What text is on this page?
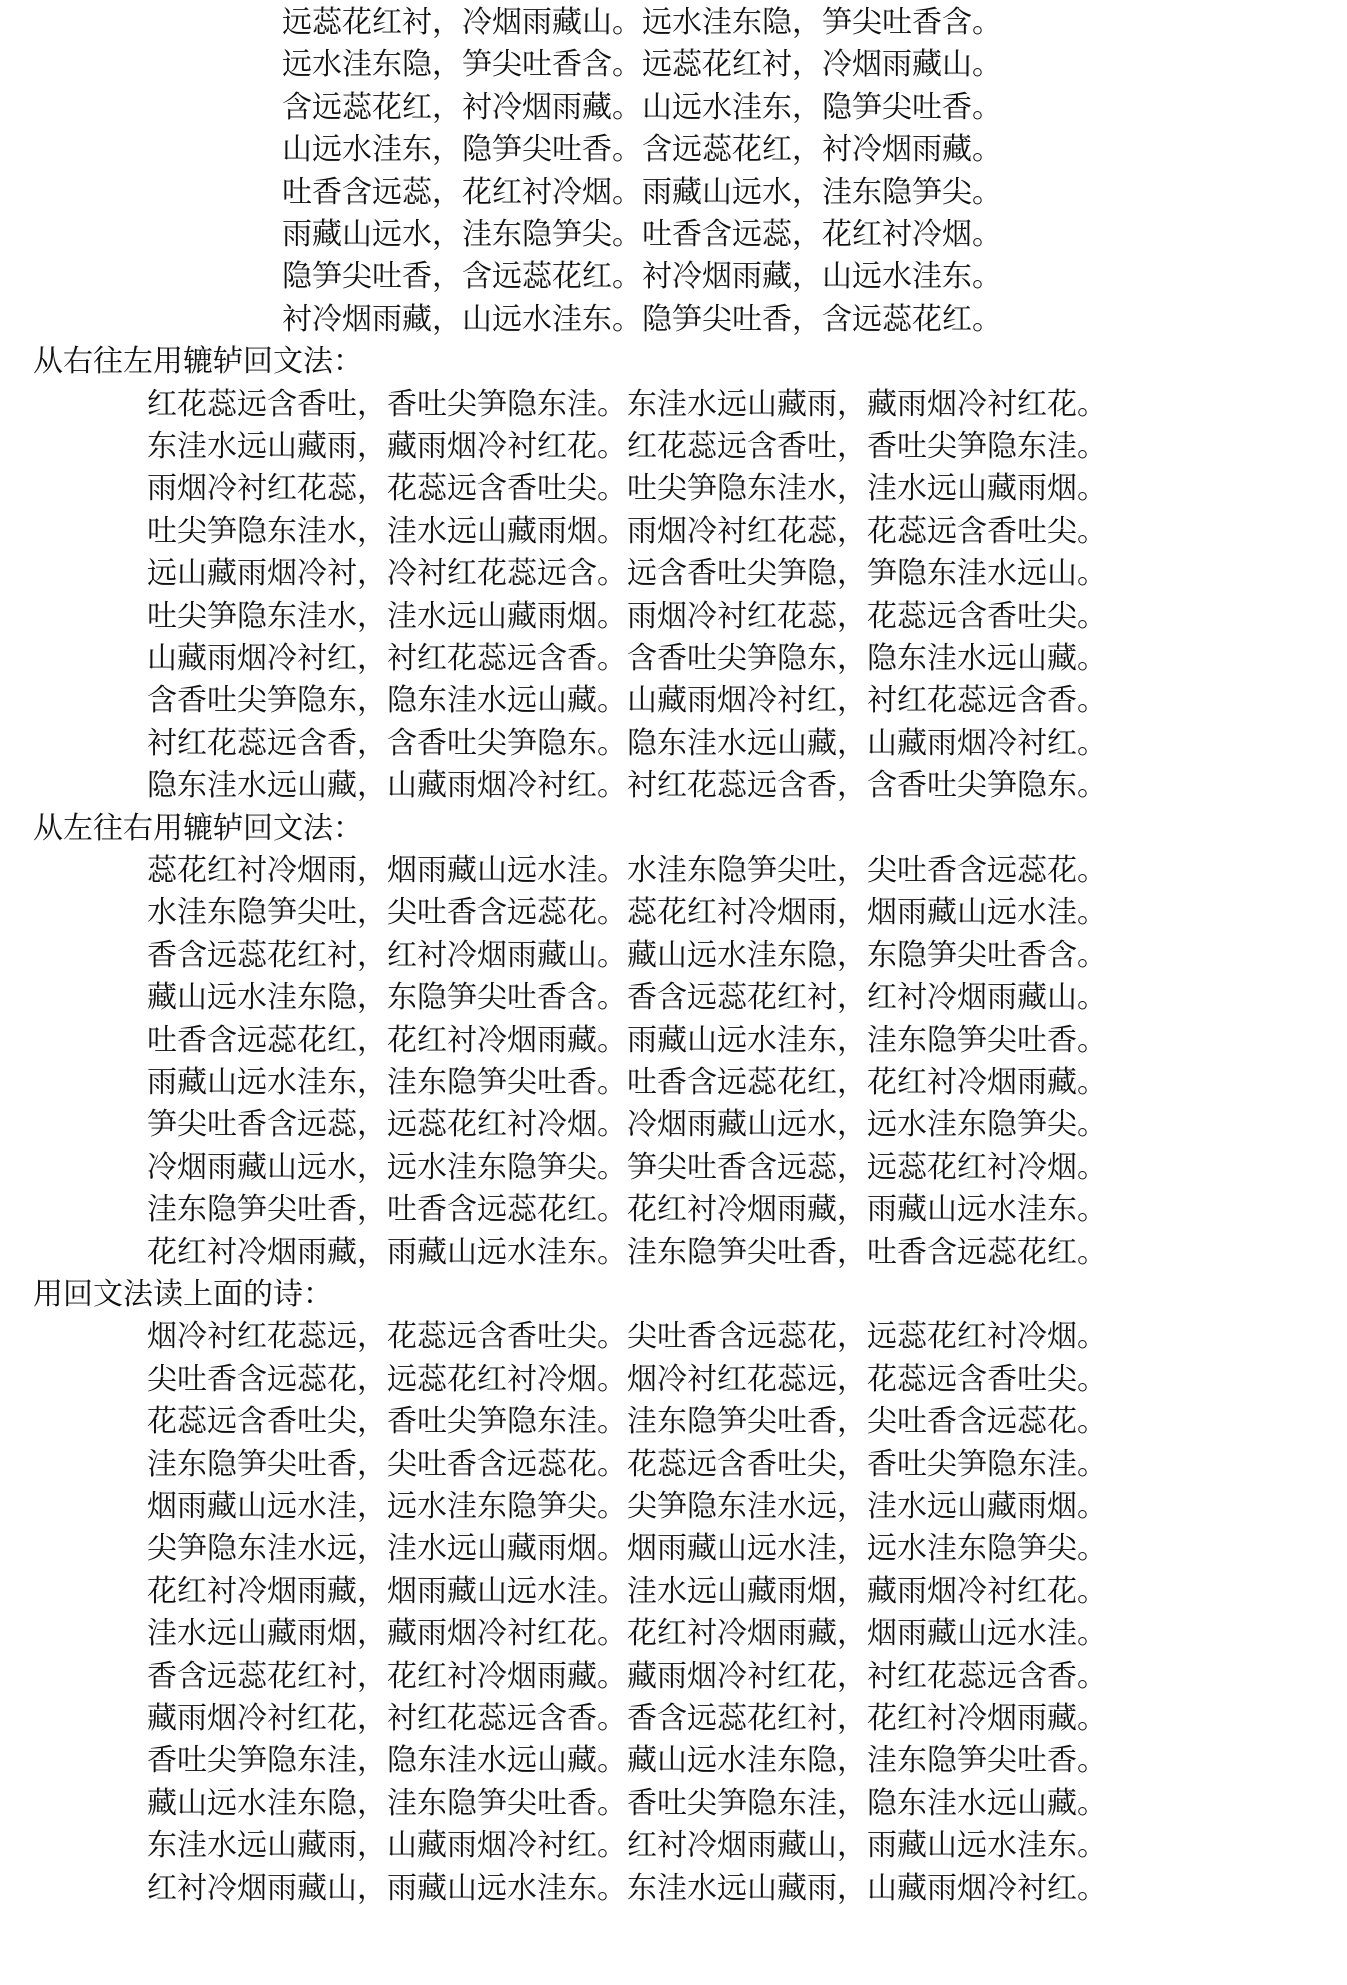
远蕊花红衬，冷烟雨藏山。远水洼东隐，笋尖吐香含。
远水洼东隐，笋尖吐香含。远蕊花红衬，冷烟雨藏山。
含远蕊花红，衬冷烟雨藏。山远水洼东，隐笋尖吐香。
山远水洼东，隐笋尖吐香。含远蕊花红，衬冷烟雨藏。
吐香含远蕊，花红衬冷烟。雨藏山远水，洼东隐笋尖。
雨藏山远水，洼东隐笋尖。吐香含远蕊，花红衬冷烟。
隐笋尖吐香，含远蕊花红。衬冷烟雨藏，山远水洼东。
衬冷烟雨藏，山远水洼东。隐笋尖吐香，含远蕊花红。
从右往左用辘轳回文法：
红花蕊远含香吐，香吐尖笋隐东洼。东洼水远山藏雨，藏雨烟冷衬红花。
东洼水远山藏雨，藏雨烟冷衬红花。红花蕊远含香吐，香吐尖笋隐东洼。
雨烟冷衬红花蕊，花蕊远含香吐尖。吐尖笋隐东洼水，洼水远山藏雨烟。
吐尖笋隐东洼水，洼水远山藏雨烟。雨烟冷衬红花蕊，花蕊远含香吐尖。
远山藏雨烟冷衬，冷衬红花蕊远含。远含香吐尖笋隐，笋隐东洼水远山。
吐尖笋隐东洼水，洼水远山藏雨烟。雨烟冷衬红花蕊，花蕊远含香吐尖。
山藏雨烟冷衬红，衬红花蕊远含香。含香吐尖笋隐东，隐东洼水远山藏。
含香吐尖笋隐东，隐东洼水远山藏。山藏雨烟冷衬红，衬红花蕊远含香。
衬红花蕊远含香，含香吐尖笋隐东。隐东洼水远山藏，山藏雨烟冷衬红。
隐东洼水远山藏，山藏雨烟冷衬红。衬红花蕊远含香，含香吐尖笋隐东。
从左往右用辘轳回文法：
蕊花红衬冷烟雨，烟雨藏山远水洼。水洼东隐笋尖吐，尖吐香含远蕊花。
水洼东隐笋尖吐，尖吐香含远蕊花。蕊花红衬冷烟雨，烟雨藏山远水洼。
香含远蕊花红衬，红衬冷烟雨藏山。藏山远水洼东隐，东隐笋尖吐香含。
藏山远水洼东隐，东隐笋尖吐香含。香含远蕊花红衬，红衬冷烟雨藏山。
吐香含远蕊花红，花红衬冷烟雨藏。雨藏山远水洼东，洼东隐笋尖吐香。
雨藏山远水洼东，洼东隐笋尖吐香。吐香含远蕊花红，花红衬冷烟雨藏。
笋尖吐香含远蕊，远蕊花红衬冷烟。冷烟雨藏山远水，远水洼东隐笋尖。
冷烟雨藏山远水，远水洼东隐笋尖。笋尖吐香含远蕊，远蕊花红衬冷烟。
洼东隐笋尖吐香，吐香含远蕊花红。花红衬冷烟雨藏，雨藏山远水洼东。
花红衬冷烟雨藏，雨藏山远水洼东。洼东隐笋尖吐香，吐香含远蕊花红。
用回文法读上面的诗：
烟冷衬红花蕊远，花蕊远含香吐尖。尖吐香含远蕊花，远蕊花红衬冷烟。
尖吐香含远蕊花，远蕊花红衬冷烟。烟冷衬红花蕊远，花蕊远含香吐尖。
花蕊远含香吐尖，香吐尖笋隐东洼。洼东隐笋尖吐香，尖吐香含远蕊花。
洼东隐笋尖吐香，尖吐香含远蕊花。花蕊远含香吐尖，香吐尖笋隐东洼。
烟雨藏山远水洼，远水洼东隐笋尖。尖笋隐东洼水远，洼水远山藏雨烟。
尖笋隐东洼水远，洼水远山藏雨烟。烟雨藏山远水洼，远水洼东隐笋尖。
花红衬冷烟雨藏，烟雨藏山远水洼。洼水远山藏雨烟，藏雨烟冷衬红花。
洼水远山藏雨烟，藏雨烟冷衬红花。花红衬冷烟雨藏，烟雨藏山远水洼。
香含远蕊花红衬，花红衬冷烟雨藏。藏雨烟冷衬红花，衬红花蕊远含香。
藏雨烟冷衬红花，衬红花蕊远含香。香含远蕊花红衬，花红衬冷烟雨藏。
香吐尖笋隐东洼，隐东洼水远山藏。藏山远水洼东隐，洼东隐笋尖吐香。
藏山远水洼东隐，洼东隐笋尖吐香。香吐尖笋隐东洼，隐东洼水远山藏。
东洼水远山藏雨，山藏雨烟冷衬红。红衬冷烟雨藏山，雨藏山远水洼东。
红衬冷烟雨藏山，雨藏山远水洼东。东洼水远山藏雨，山藏雨烟冷衬红。
